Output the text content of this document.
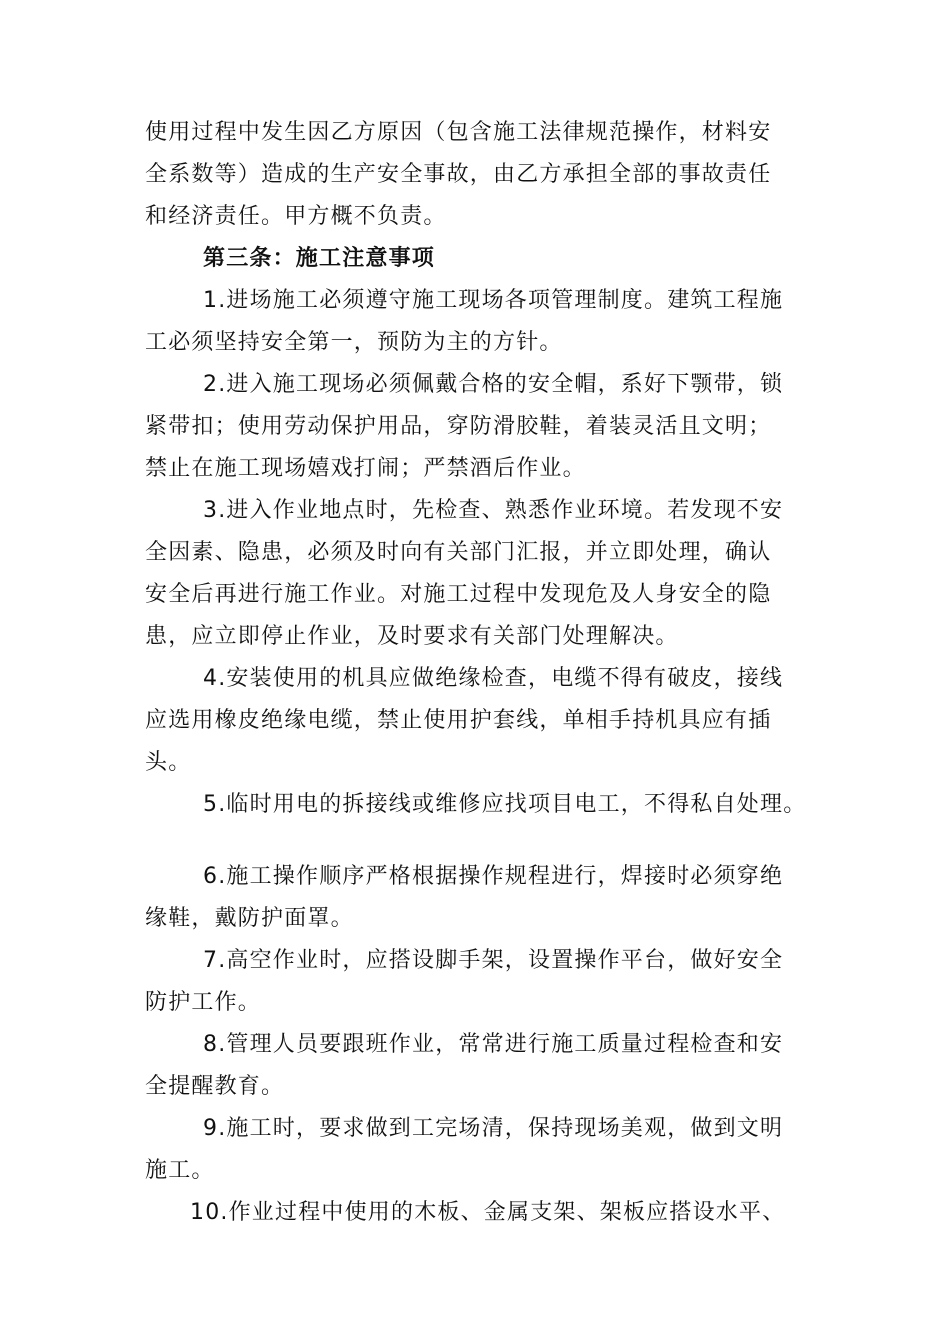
使用过程中发生因乙方原因（包含施工法律规范操作，材料安
全系数等）造成的生产安全事故，由乙方承担全部的事故责任
和经济责任。甲方概不负责。
第三条：施工注意事项
1.进场施工必须遵守施工现场各项管理制度。建筑工程施
工必须坚持安全第一，预防为主的方针。
2.进入施工现场必须佩戴合格的安全帽，系好下颚带，锁
紧带扣；使用劳动保护用品，穿防滑胶鞋，着装灵活且文明；
禁止在施工现场嬉戏打闹；严禁酒后作业。
3.进入作业地点时，先检查、熟悉作业环境。若发现不安
全因素、隐患，必须及时向有关部门汇报，并立即处理，确认
安全后再进行施工作业。对施工过程中发现危及人身安全的隐
患，应立即停止作业，及时要求有关部门处理解决。
4.安装使用的机具应做绝缘检查，电缆不得有破皮，接线
应选用橡皮绝缘电缆，禁止使用护套线，单相手持机具应有插
头。
5.临时用电的拆接线或维修应找项目电工，不得私自处理。
6.施工操作顺序严格根据操作规程进行，焊接时必须穿绝
缘鞋，戴防护面罩。
7.高空作业时，应搭设脚手架，设置操作平台，做好安全
防护工作。
8.管理人员要跟班作业，常常进行施工质量过程检查和安
全提醒教育。
9.施工时，要求做到工完场清，保持现场美观，做到文明
施工。
10.作业过程中使用的木板、金属支架、架板应搭设水平、
